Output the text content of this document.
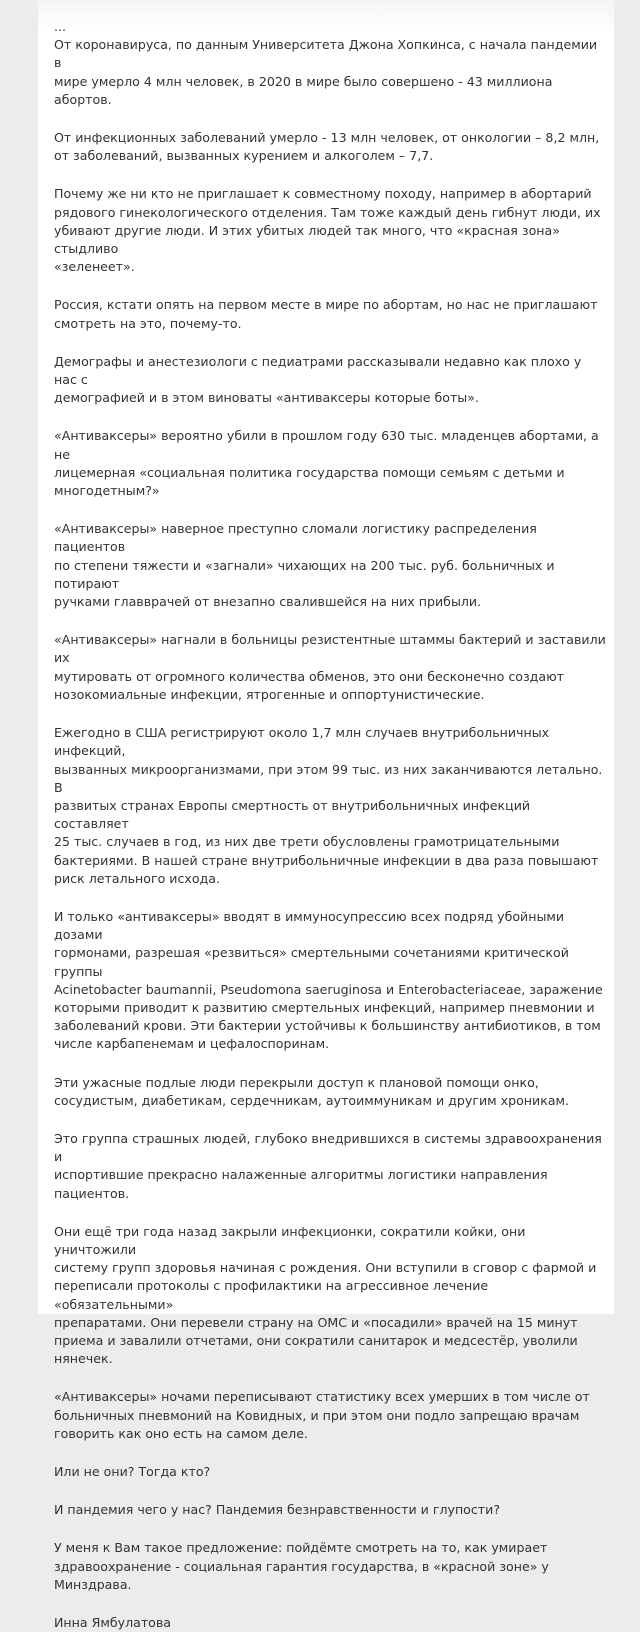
...

От коронавируса, по данным Университета Джона Хопкинса, с начала пандемии в
мире умерло 4 млн человек, в 2020 в мире было совершено - 43 миллиона
абортов.

От инфекционных заболеваний умерло - 13 млн человек, от онкологии – 8,2 млн,
от заболеваний, вызванных курением и алкоголем – 7,7.

Почему же ни кто не приглашает к совместному походу, например в абортарий
рядового гинекологического отделения. Там тоже каждый день гибнут люди, их
убивают другие люди. И этих убитых людей так много, что «красная зона» стыдливо
«зеленеет».

Россия, кстати опять на первом месте в мире по абортам, но нас не приглашают
смотреть на это, почему-то.

Демографы и анестезиологи с педиатрами рассказывали недавно как плохо у нас с
демографией и в этом виноваты «антиваксеры которые боты».

«Антиваксеры» вероятно убили в прошлом году 630 тыс. младенцев абортами, а не
лицемерная «социальная политика государства помощи семьям с детьми и
многодетным?»

«Антиваксеры» наверное преступно сломали логистику распределения пациентов
по степени тяжести и «загнали» чихающих на 200 тыс. руб. больничных и потирают
ручками главврачей от внезапно свалившейся на них прибыли.

«Антиваксеры» нагнали в больницы резистентные штаммы бактерий и заставили их
мутировать от огромного количества обменов, это они бесконечно создают
нозокомиальные инфекции, ятрогенные и оппортунистические.

Ежегодно в США регистрируют около 1,7 млн случаев внутрибольничных инфекций,
вызванных микроорганизмами, при этом 99 тыс. из них заканчиваются летально. В
развитых странах Европы смертность от внутрибольничных инфекций составляет
25 тыс. случаев в год, из них две трети обусловлены грамотрицательными
бактериями. В нашей стране внутрибольничные инфекции в два раза повышают
риск летального исхода.

И только «антиваксеры» вводят в иммуносупрессию всех подряд убойными дозами
гормонами, разрешая «резвиться» смертельными сочетаниями критической группы
Acinetobacter baumannii, Pseudomona saeruginosa и Enterobacteriaceae, заражение
которыми приводит к развитию смертельных инфекций, например пневмонии и
заболеваний крови. Эти бактерии устойчивы к большинству антибиотиков, в том
числе карбапенемам и цефалоспоринам.

Эти ужасные подлые люди перекрыли доступ к плановой помощи онко,
сосудистым, диабетикам, сердечникам, аутоиммуникам и другим хроникам.

Это группа страшных людей, глубоко внедрившихся в системы здравоохранения и
испортившие прекрасно налаженные алгоритмы логистики направления пациентов.

Они ещё три года назад закрыли инфекционки, сократили койки, они уничтожили
систему групп здоровья начиная с рождения. Они вступили в сговор с фармой и
переписали протоколы с профилактики на агрессивное лечение «обязательными»
препаратами. Они перевели страну на ОМС и «посадили» врачей на 15 минут
приема и завалили отчетами, они сократили санитарок и медсестёр, уволили
нянечек.

«Антиваксеры» ночами переписывают статистику всех умерших в том числе от
больничных пневмоний на Ковидных, и при этом они подло запрещаю врачам
говорить как оно есть на самом деле.

Или не они? Тогда кто?

И пандемия чего у нас? Пандемия безнравственности и глупости?

У меня к Вам такое предложение: пойдёмте смотреть на то, как умирает
здравоохранение - социальная гарантия государства, в «красной зоне» у
Минздрава.

Инна Ямбулатова
